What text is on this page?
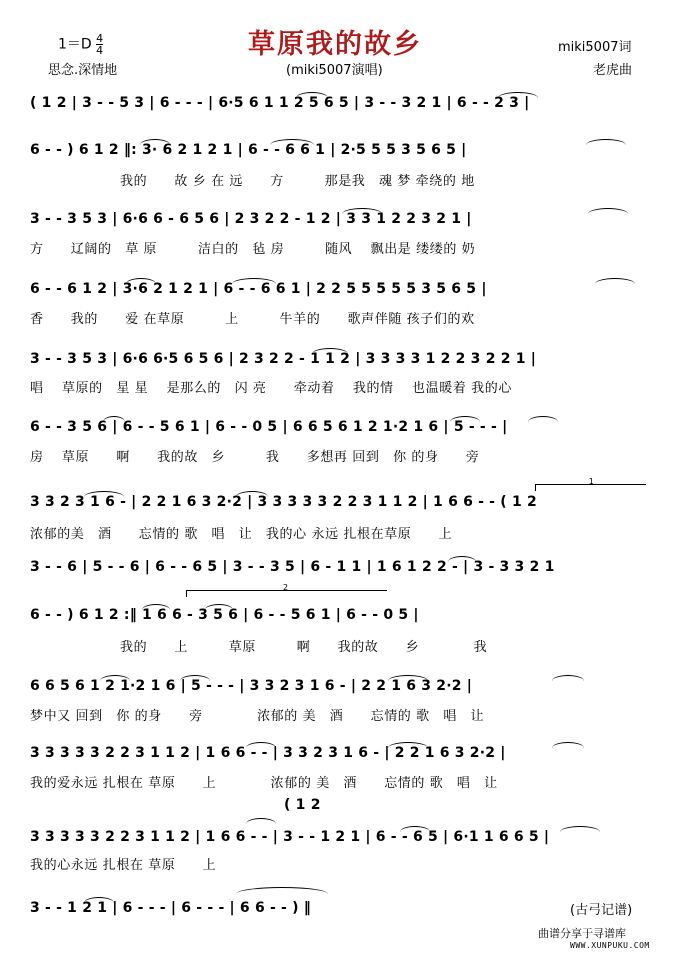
$1=D \frac{4}{4}$	草原我的故乡	miki5007词
思念.深情地	(miki5007演唱)	老虎曲
( 1 2 | 3 - - 5 3 | 6 - - - | 6·5 6 1 1 2 5 6 5 | 3 - - 3 2 1 | 6 - - 2 3 |
6 - - ) 6 1 2 ‖: 3· 6 2 1 2 1 | 6 - - 6 6 1 | 2·5 5 5 3 5 6 5 |
我的　　故 乡 在 远　　方　　　那是我　魂 梦 牵绕的 地
3 - - 3 5 3 | 6·6 6 - 6 5 6 | 2 3 2 2 - 1 2 | 3 3 1 2 2 3 2 1 |
方　　辽阔的　草 原　　　洁白的　毡 房　　　随风　 飘出是 缕缕的 奶
6 - - 6 1 2 | 3·6 2 1 2 1 | 6 - - 6 6 1 | 2 2 5 5 5 5 5 3 5 6 5 |
香　　我的　　爱 在草原　　　上　　　牛羊的　　歌声伴随 孩子们的欢
3 - - 3 5 3 | 6·6 6·5 6 5 6 | 2 3 2 2 - 1 1 2 | 3 3 3 3 1 2 2 3 2 2 1 |
唱　 草原的　星 星　 是那么的　闪 亮　　牵动着　 我的情　 也温暖着 我的心
6 - - 3 5 6 | 6 - - 5 6 1 | 6 - - 0 5 | 6 6 5 6 1 2 1·2 1 6 | 5 - - - |
房　 草原　　啊　　我的故　乡　　　我　　多想再 回到　你 的身　　旁
3 3 2 3 1 6 - | 2 2 1 6 3 2·2 | 3 3 3 3 3 2 2 3 1 1 2 | 1 6 6 - - ( 1 2
浓郁的美　酒　　忘情的 歌　唱　让　我的心 永远 扎根在草原　　上
1
3 - - 6 | 5 - - 6 | 6 - - 6 5 | 3 - - 3 5 | 6 - 1 1 | 1 6 1 2 2 - | 3 - 3 3 2 1
6 - - ) 6 1 2 :‖ 1 6 6 - 3 5 6 | 6 - - 5 6 1 | 6 - - 0 5 |
我的　　上　　　草原　　　啊　　我的故　　乡　　　　我
2
6 6 5 6 1 2 1·2 1 6 | 5 - - - | 3 3 2 3 1 6 - | 2 2 1 6 3 2·2 |
梦中又 回到　你 的身　　旁　　　　浓郁的 美　酒　　忘情的 歌　唱　让
3 3 3 3 3 2 2 3 1 1 2 | 1 6 6 - - | 3 3 2 3 1 6 - | 2 2 1 6 3 2·2 |
我的爱永远 扎根在 草原　　上　　　　浓郁的 美　酒　　忘情的 歌　唱　让
( 1 2
3 3 3 3 3 2 2 3 1 1 2 | 1 6 6 - - | 3 - - 1 2 1 | 6 - - 6 5 | 6·1 1 6 6 5 |
我的心永远 扎根在 草原　　上
3 - - 1 2 1 | 6 - - - | 6 - - - | 6 6 - - ) ‖	(古弓记谱)
曲谱分享于寻谱库
WWW.XUNPUKU.COM
